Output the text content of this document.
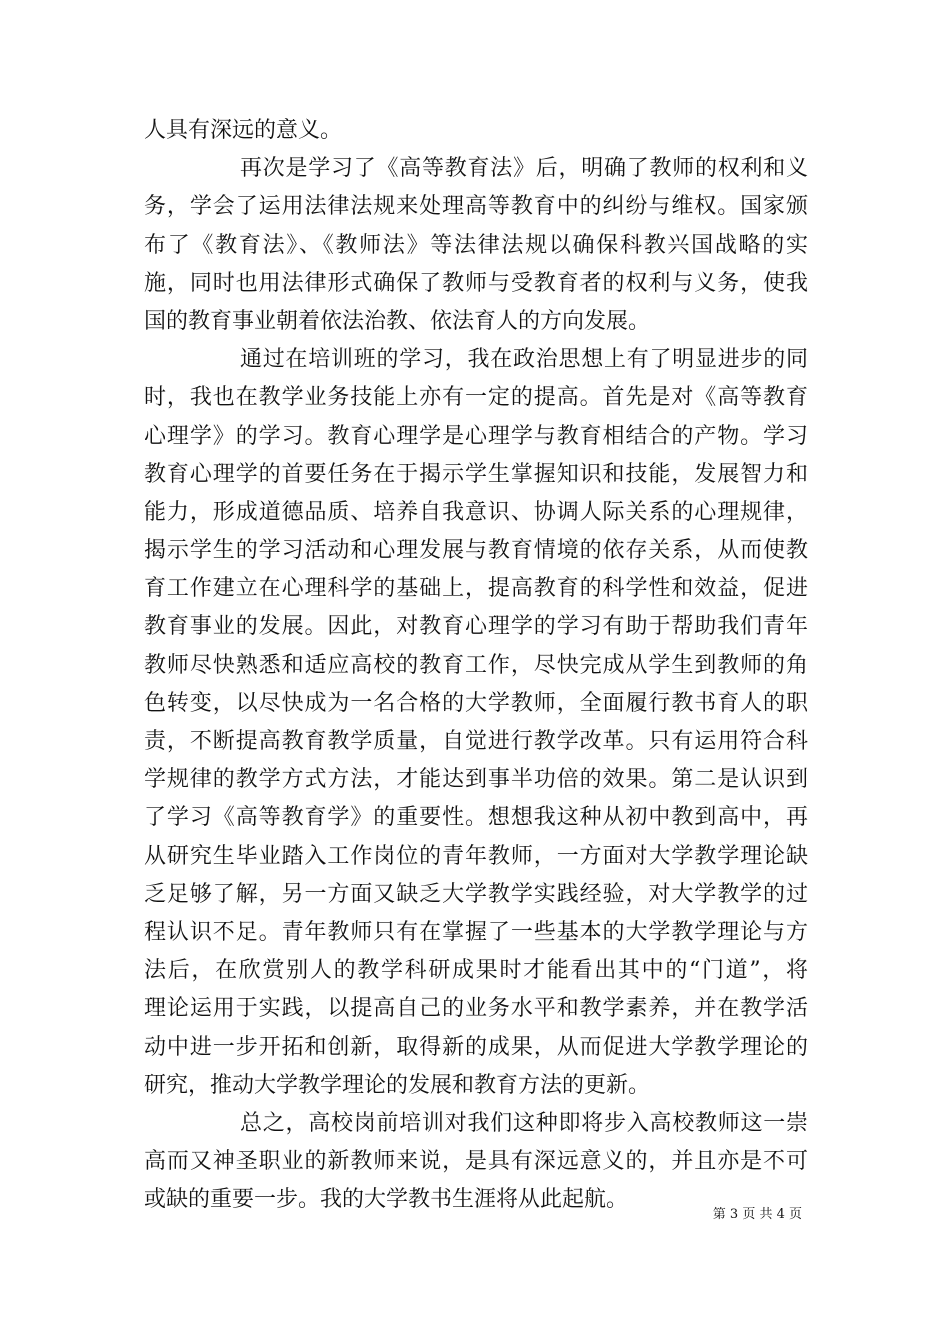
人具有深远的意义。
再次是学习了《高等教育法》后，明确了教师的权利和义
务，学会了运用法律法规来处理高等教育中的纠纷与维权。国家颁
布了《教育法》、《教师法》等法律法规以确保科教兴国战略的实
施，同时也用法律形式确保了教师与受教育者的权利与义务，使我
国的教育事业朝着依法治教、依法育人的方向发展。
通过在培训班的学习，我在政治思想上有了明显进步的同
时，我也在教学业务技能上亦有一定的提高。首先是对《高等教育
心理学》的学习。教育心理学是心理学与教育相结合的产物。学习
教育心理学的首要任务在于揭示学生掌握知识和技能，发展智力和
能力，形成道德品质、培养自我意识、协调人际关系的心理规律，
揭示学生的学习活动和心理发展与教育情境的依存关系，从而使教
育工作建立在心理科学的基础上，提高教育的科学性和效益，促进
教育事业的发展。因此，对教育心理学的学习有助于帮助我们青年
教师尽快熟悉和适应高校的教育工作，尽快完成从学生到教师的角
色转变，以尽快成为一名合格的大学教师，全面履行教书育人的职
责，不断提高教育教学质量，自觉进行教学改革。只有运用符合科
学规律的教学方式方法，才能达到事半功倍的效果。第二是认识到
了学习《高等教育学》的重要性。想想我这种从初中教到高中，再
从研究生毕业踏入工作岗位的青年教师，一方面对大学教学理论缺
乏足够了解，另一方面又缺乏大学教学实践经验，对大学教学的过
程认识不足。青年教师只有在掌握了一些基本的大学教学理论与方
法后，在欣赏别人的教学科研成果时才能看出其中的“门道”，将
理论运用于实践，以提高自己的业务水平和教学素养，并在教学活
动中进一步开拓和创新，取得新的成果，从而促进大学教学理论的
研究，推动大学教学理论的发展和教育方法的更新。
总之，高校岗前培训对我们这种即将步入高校教师这一崇
高而又神圣职业的新教师来说，是具有深远意义的，并且亦是不可
或缺的重要一步。我的大学教书生涯将从此起航。
第 3 页 共 4 页
